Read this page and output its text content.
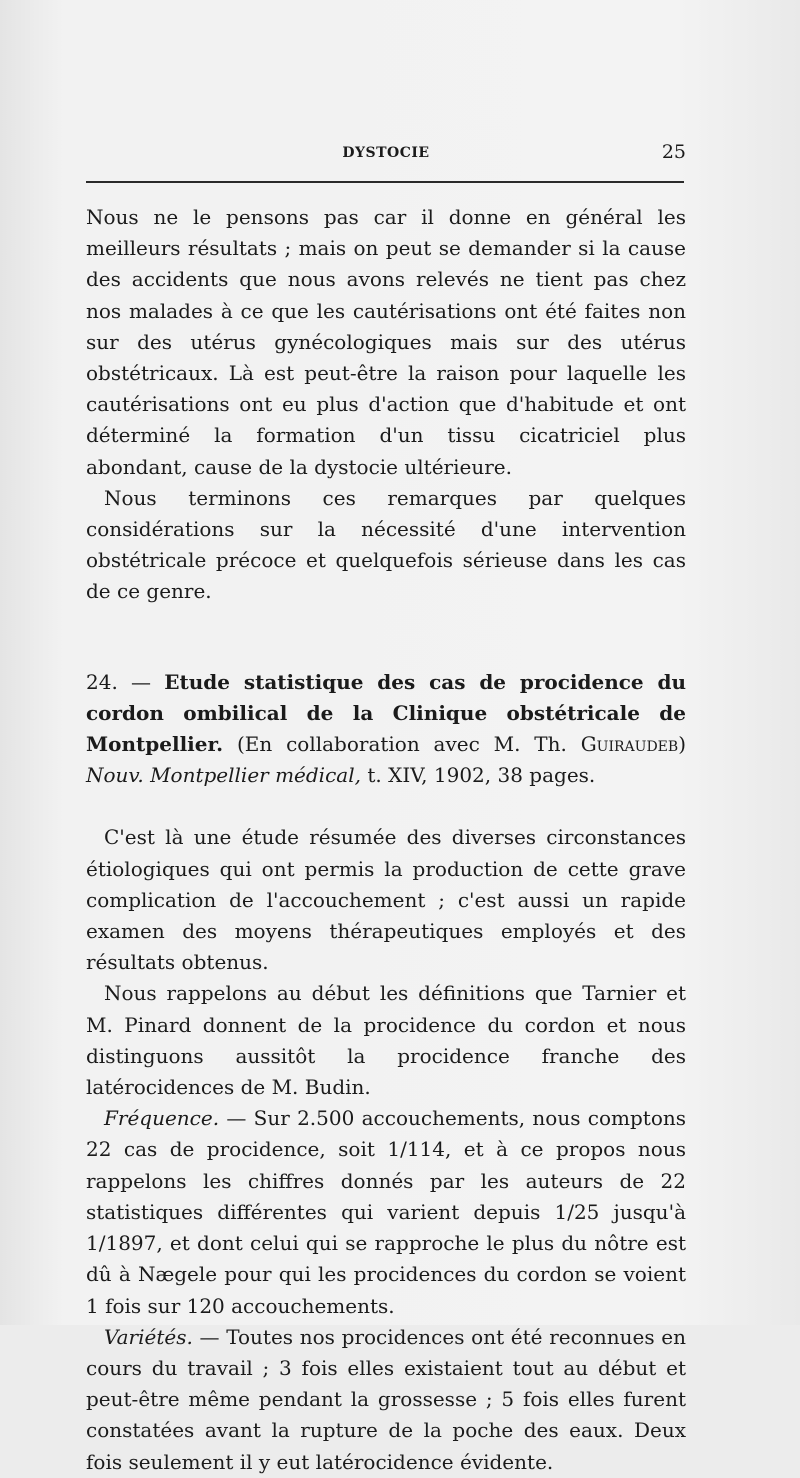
DYSTOCIE	25

Nous ne le pensons pas car il donne en général les meilleurs résultats ; mais on peut se demander si la cause des accidents que nous avons relevés ne tient pas chez nos malades à ce que les cautérisations ont été faites non sur des utérus gynécologiques mais sur des utérus obstétricaux. Là est peut-être la raison pour laquelle les cautérisations ont eu plus d'action que d'habitude et ont déterminé la formation d'un tissu cicatriciel plus abondant, cause de la dystocie ultérieure.

Nous terminons ces remarques par quelques considérations sur la nécessité d'une intervention obstétricale précoce et quelquefois sérieuse dans les cas de ce genre.

24. — Etude statistique des cas de procidence du cordon ombilical de la Clinique obstétricale de Montpellier. (En collaboration avec M. Th. Guiraudeb) Nouv. Montpellier médical, t. XIV, 1902, 38 pages.

C'est là une étude résumée des diverses circonstances étiologiques qui ont permis la production de cette grave complication de l'accouchement ; c'est aussi un rapide examen des moyens thérapeutiques employés et des résultats obtenus.

Nous rappelons au début les définitions que Tarnier et M. Pinard donnent de la procidence du cordon et nous distinguons aussitôt la procidence franche des latérocidences de M. Budin.

Fréquence. — Sur 2.500 accouchements, nous comptons 22 cas de procidence, soit 1/114, et à ce propos nous rappelons les chiffres donnés par les auteurs de 22 statistiques différentes qui varient depuis 1/25 jusqu'à 1/1897, et dont celui qui se rapproche le plus du nôtre est dû à Nægele pour qui les procidences du cordon se voient 1 fois sur 120 accouchements.

Variétés. — Toutes nos procidences ont été reconnues en cours du travail ; 3 fois elles existaient tout au début et peut-être même pendant la grossesse ; 5 fois elles furent constatées avant la rupture de la poche des eaux. Deux fois seulement il y eut latérocidence évidente.
